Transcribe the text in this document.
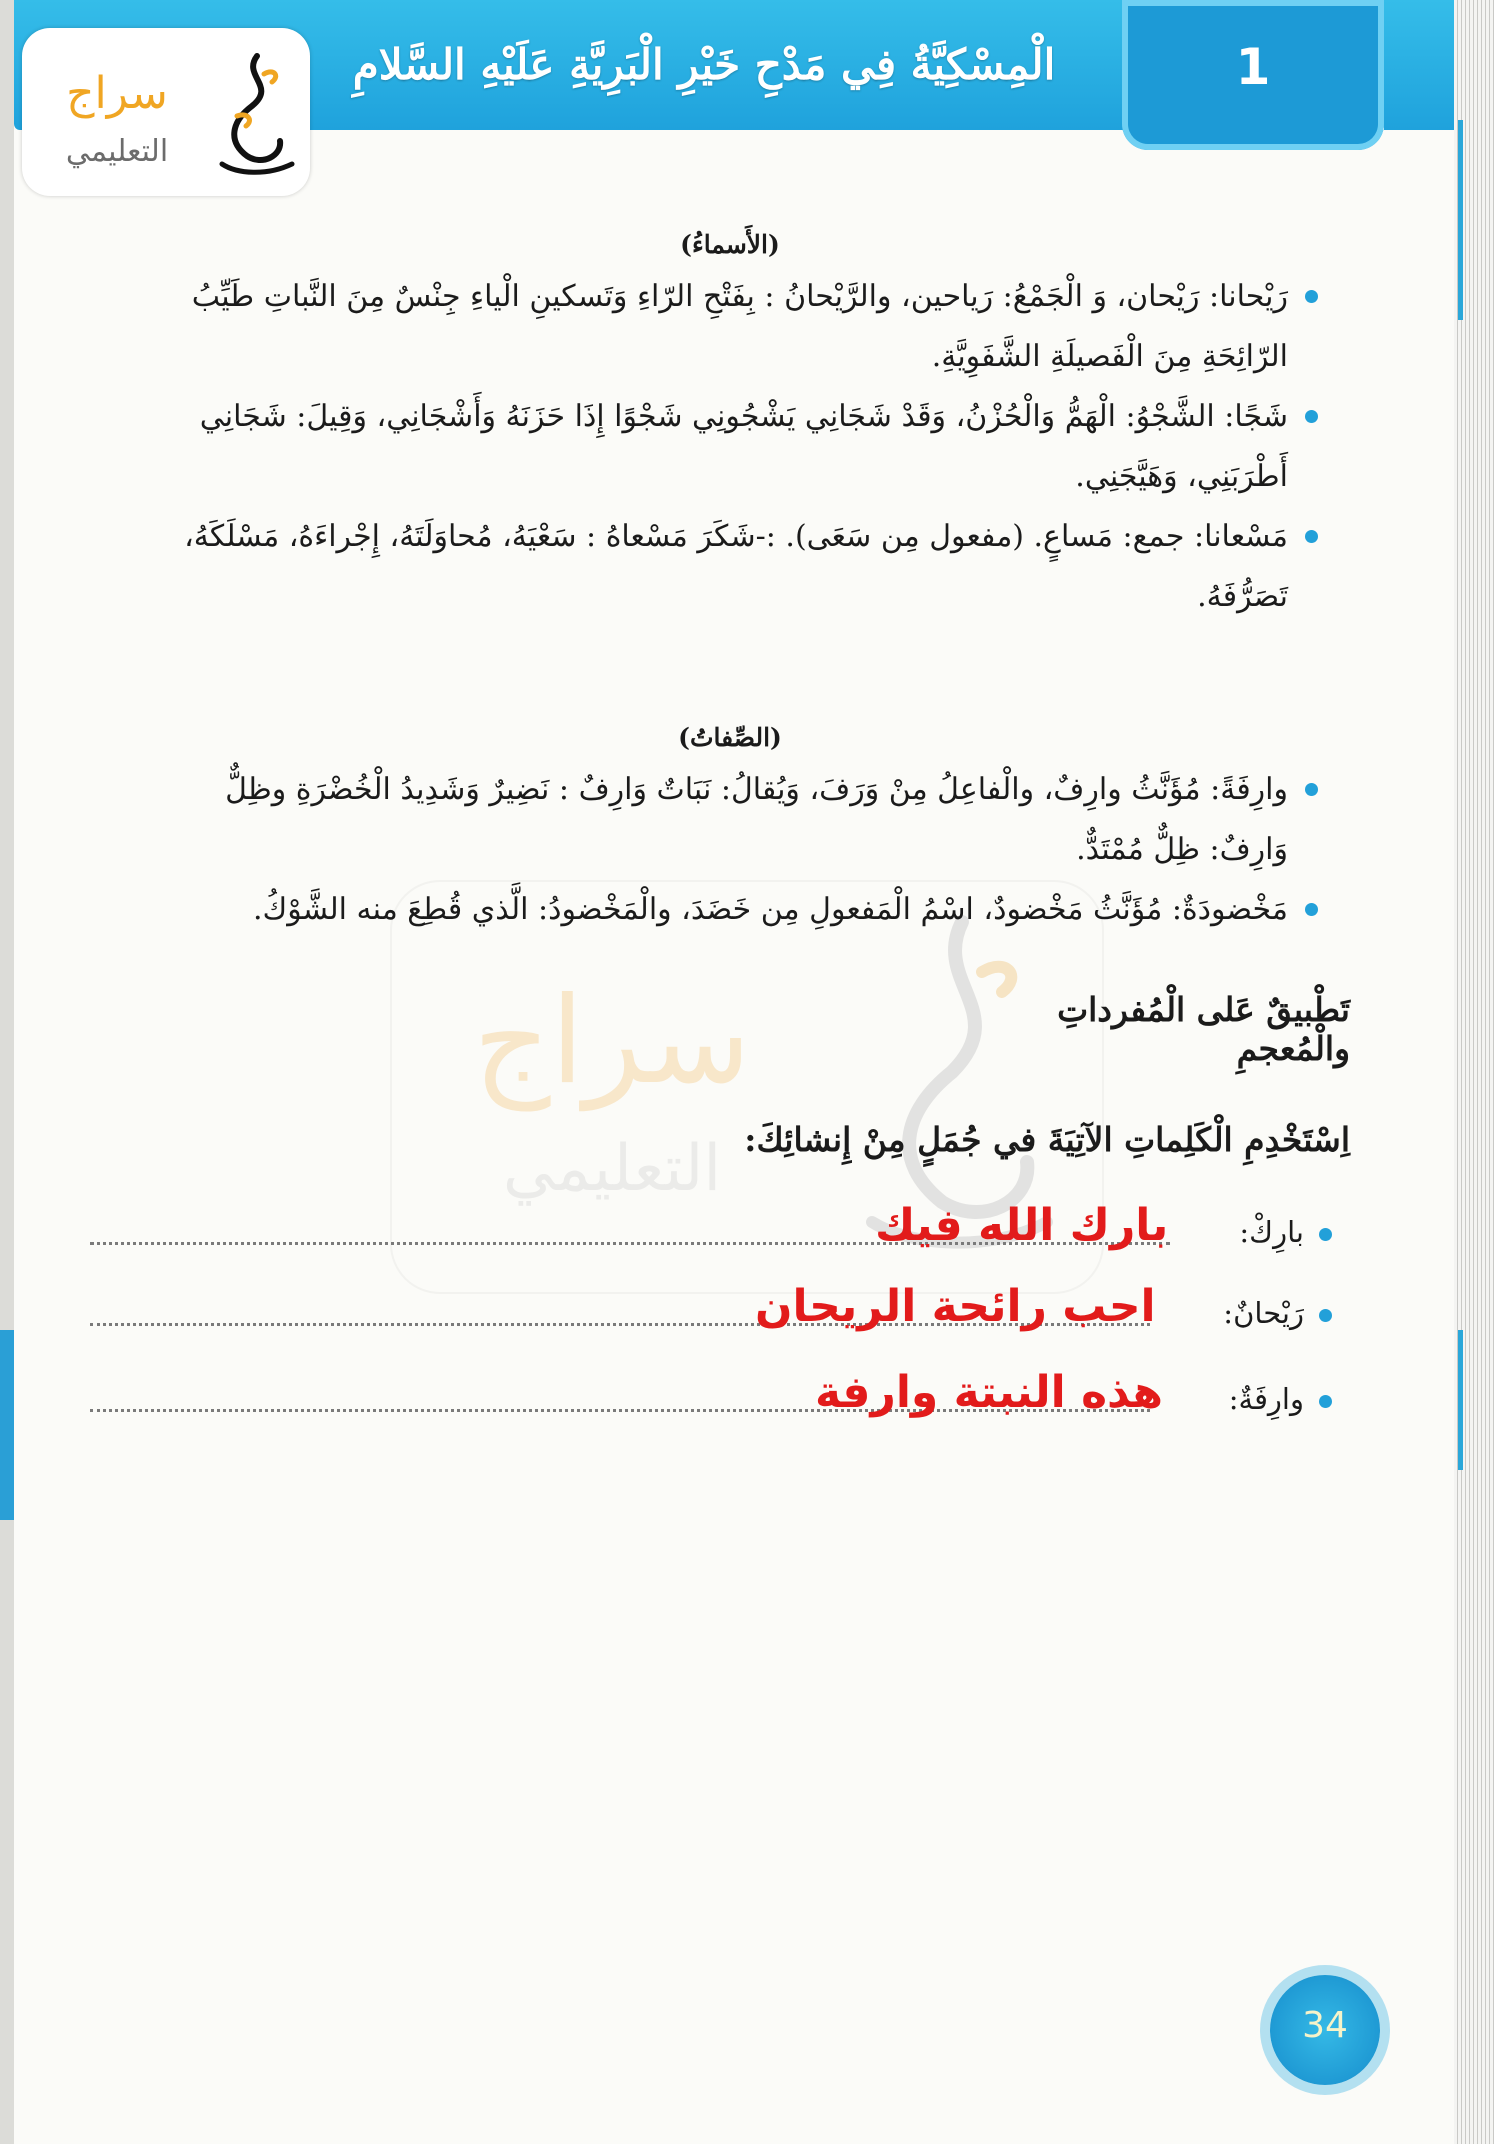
الْمِسْكِيَّةُ فِي مَدْحِ خَيْرِ الْبَرِيَّةِ عَلَيْهِ السَّلامِ	1
سراج
التعليمي
سراج
التعليمي
(الأَسماءُ)
رَيْحانا: رَيْحان، وَ الْجَمْعُ: رَياحين، والرَّيْحانُ : بِفَتْحِ الرّاءِ وَتَسكينِ الْياءِ جِنْسٌ مِنَ النَّباتِ طَيِّبُ
الرّائِحَةِ مِنَ الْفَصيلَةِ الشَّفَوِيَّةِ.
شَجًا: الشَّجْوُ: الْهَمُّ وَالْحُزْنُ، وَقَدْ شَجَانِي يَشْجُونِي شَجْوًا إِذَا حَزَنَهُ وَأَشْجَانِي، وَقِيلَ: شَجَانِي
أَطْرَبَنِي، وَهَيَّجَنِي.
مَسْعانا: جمع: مَساعٍ. (مفعول مِن سَعَى). :-شَكَرَ مَسْعاهُ : سَعْيَهُ، مُحاوَلَتَهُ، إِجْراءَهُ، مَسْلَكَهُ،
تَصَرُّفَهُ.
(الصِّفاتُ)
وارِفَةً: مُؤَنَّثُ وارِفٌ، والْفاعِلُ مِنْ وَرَفَ، وَيُقالُ: نَبَاتٌ وَارِفٌ : نَضِيرٌ وَشَدِيدُ الْخُضْرَةِ وظِلٌّ
وَارِفٌ: ظِلٌّ مُمْتَدٌّ.
مَخْضودَةٌ: مُؤَنَّثُ مَخْضودٌ، اسْمُ الْمَفعولِ مِن خَضَدَ، والْمَخْضودُ: الَّذي قُطِعَ منه الشَّوْكُ.
تَطْبيقٌ عَلى الْمُفرداتِ والْمُعجمِ
اِسْتَخْدِمِ الْكَلِماتِ الآتِيَةَ في جُمَلٍ مِنْ إِنشائِكَ:
بارِكْ:
بارك الله فيك
رَيْحانٌ:
احب رائحة الريحان
وارِفَةٌ:
هذه النبتة وارفة
34
